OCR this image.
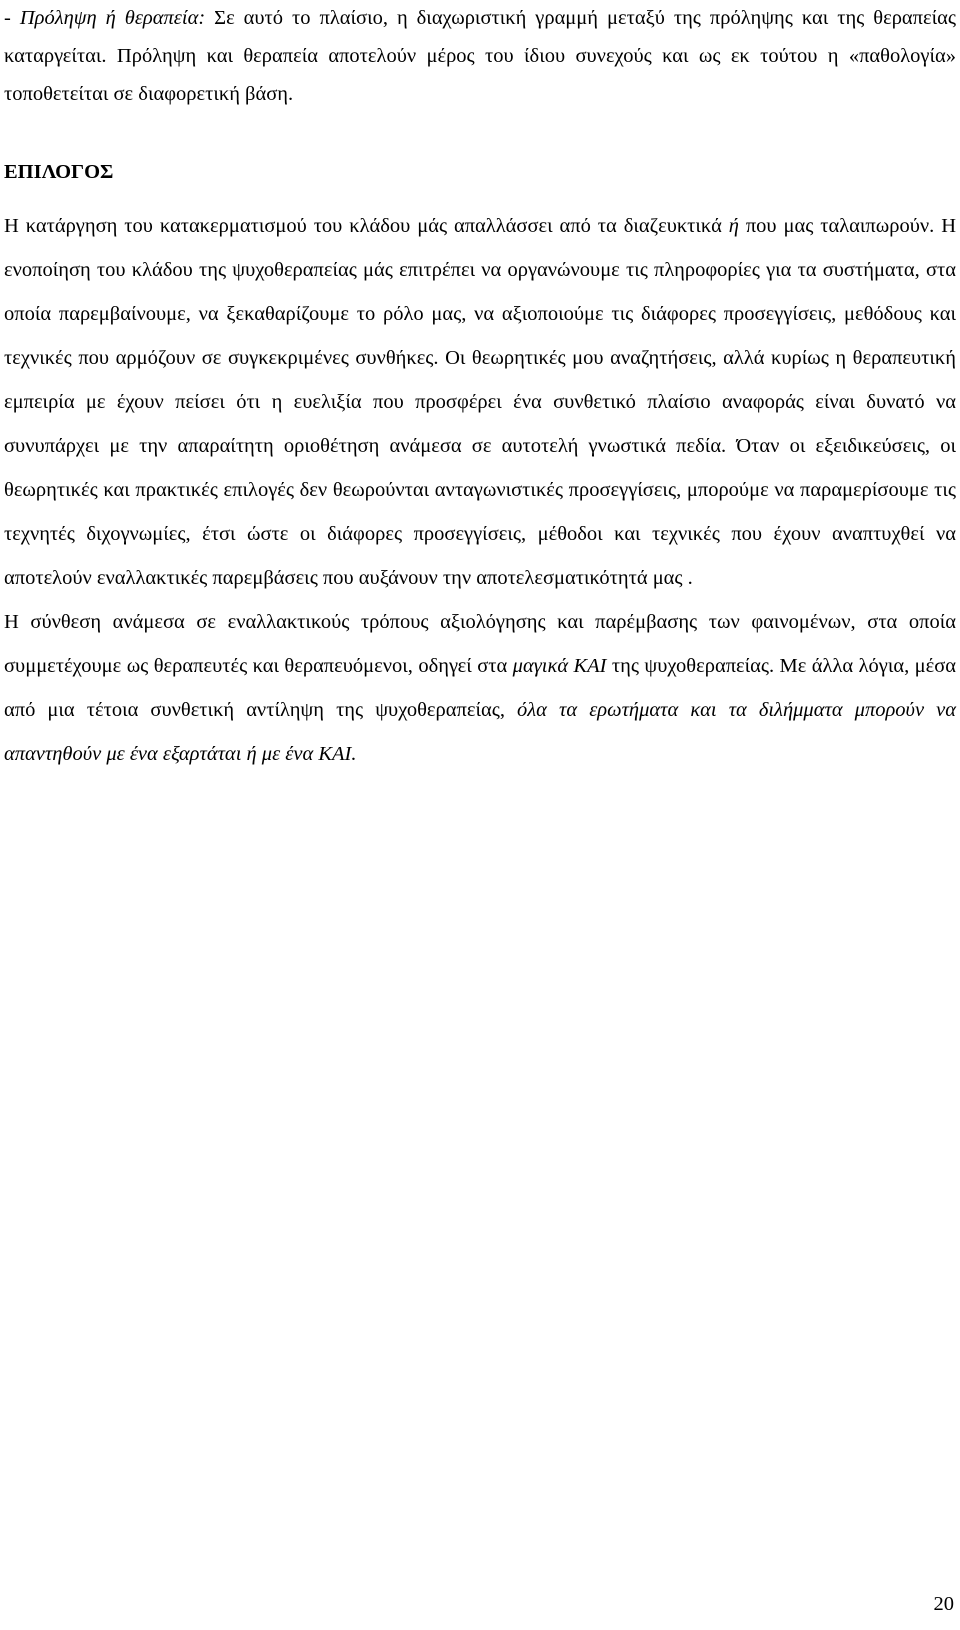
- Πρόληψη ή θεραπεία: Σε αυτό το πλαίσιο, η διαχωριστική γραμμή μεταξύ της πρόληψης και της θεραπείας καταργείται. Πρόληψη και θεραπεία αποτελούν μέρος του ίδιου συνεχούς και ως εκ τούτου η «παθολογία» τοποθετείται σε διαφορετική βάση.

ΕΠΙΛΟΓΟΣ

Η κατάργηση του κατακερματισμού του κλάδου μάς απαλλάσσει από τα διαζευκτικά ή που μας ταλαιπωρούν. Η ενοποίηση του κλάδου της ψυχοθεραπείας μάς επιτρέπει να οργανώνουμε τις πληροφορίες για τα συστήματα, στα οποία παρεμβαίνουμε, να ξεκαθαρίζουμε το ρόλο μας, να αξιοποιούμε τις διάφορες προσεγγίσεις, μεθόδους και τεχνικές που αρμόζουν σε συγκεκριμένες συνθήκες. Οι θεωρητικές μου αναζητήσεις, αλλά κυρίως η θεραπευτική εμπειρία με έχουν πείσει ότι η ευελιξία που προσφέρει ένα συνθετικό πλαίσιο αναφοράς είναι δυνατό να συνυπάρχει με την απαραίτητη οριοθέτηση ανάμεσα σε αυτοτελή γνωστικά πεδία. Όταν οι εξειδικεύσεις, οι θεωρητικές και πρακτικές επιλογές δεν θεωρούνται ανταγωνιστικές προσεγγίσεις, μπορούμε να παραμερίσουμε τις τεχνητές διχογνωμίες, έτσι ώστε οι διάφορες προσεγγίσεις, μέθοδοι και τεχνικές που έχουν αναπτυχθεί να αποτελούν εναλλακτικές παρεμβάσεις που αυξάνουν την αποτελεσματικότητά μας .

Η σύνθεση ανάμεσα σε εναλλακτικούς τρόπους αξιολόγησης και παρέμβασης των φαινομένων, στα οποία συμμετέχουμε ως θεραπευτές και θεραπευόμενοι, οδηγεί στα μαγικά ΚΑΙ της ψυχοθεραπείας. Με άλλα λόγια, μέσα από μια τέτοια συνθετική αντίληψη της ψυχοθεραπείας, όλα τα ερωτήματα και τα διλήμματα μπορούν να απαντηθούν με ένα εξαρτάται ή με ένα ΚΑΙ.

20
